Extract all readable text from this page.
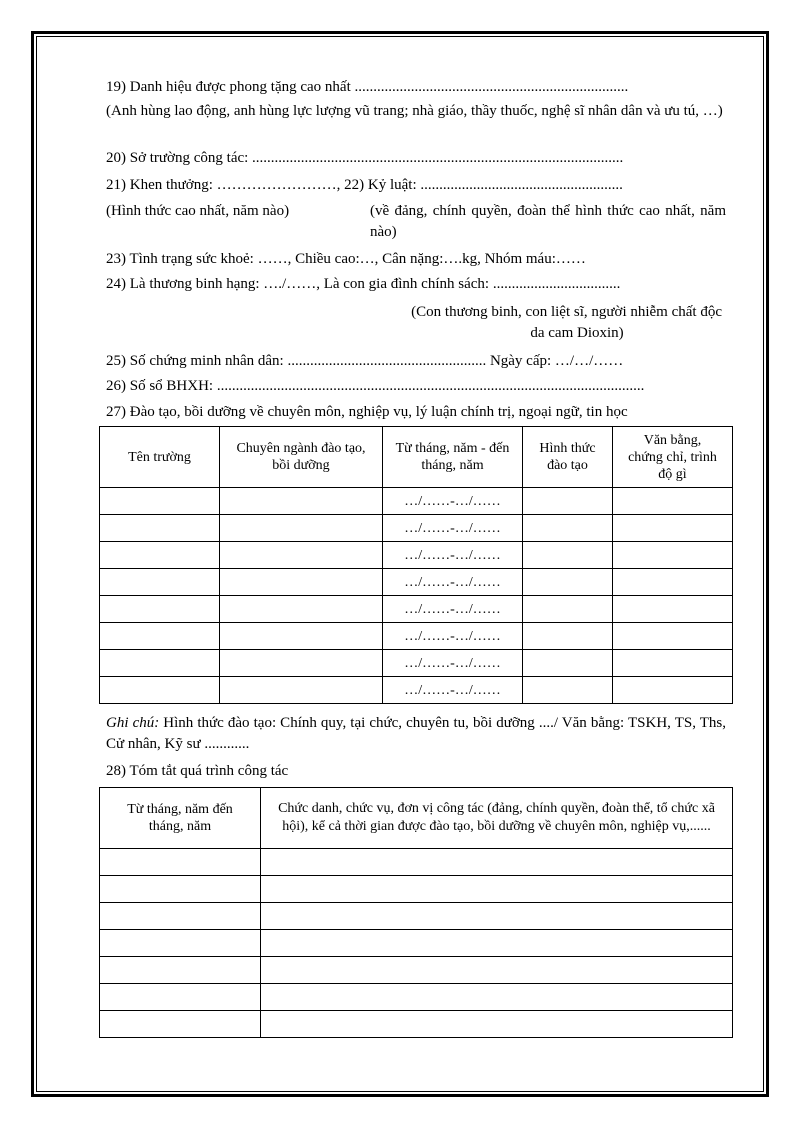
19) Danh hiệu được phong tặng cao nhất .........................................................................
(Anh hùng lao động, anh hùng lực lượng vũ trang; nhà giáo, thầy thuốc, nghệ sĩ nhân dân và ưu tú, …)
20) Sở trường công tác: ...................................................................................................
21) Khen thưởng: ……………………, 22) Kỷ luật: ......................................................
(Hình thức cao nhất, năm nào)	(về đảng, chính quyền, đoàn thể hình thức cao nhất, năm nào)
23) Tình trạng sức khoẻ: ……, Chiều cao:…, Cân nặng:….kg, Nhóm máu:……
24) Là thương binh hạng: …./……, Là con gia đình chính sách: ..................................
(Con thương binh, con liệt sĩ, người nhiễm chất độc
da cam Dioxin)
25) Số chứng minh nhân dân: ..................................................... Ngày cấp: …/…/……
26) Số sổ BHXH: ..................................................................................................................
27) Đào tạo, bồi dưỡng về chuyên môn, nghiệp vụ, lý luận chính trị, ngoại ngữ, tin học
Tên trường	Chuyên ngành đào tạo, bồi dưỡng	Từ tháng, năm - đến tháng, năm	Hình thức đào tạo	Văn bằng, chứng chỉ, trình độ gì
		…/……-…/……		
		…/……-…/……		
		…/……-…/……		
		…/……-…/……		
		…/……-…/……		
		…/……-…/……		
		…/……-…/……		
		…/……-…/……		
Ghi chú: Hình thức đào tạo: Chính quy, tại chức, chuyên tu, bồi dưỡng ..../ Văn bằng: TSKH, TS, Ths, Cử nhân, Kỹ sư ............
28) Tóm tắt quá trình công tác
Từ tháng, năm đến tháng, năm	Chức danh, chức vụ, đơn vị công tác (đảng, chính quyền, đoàn thể, tổ chức xã hội), kể cả thời gian được đào tạo, bồi dưỡng về chuyên môn, nghiệp vụ,......
